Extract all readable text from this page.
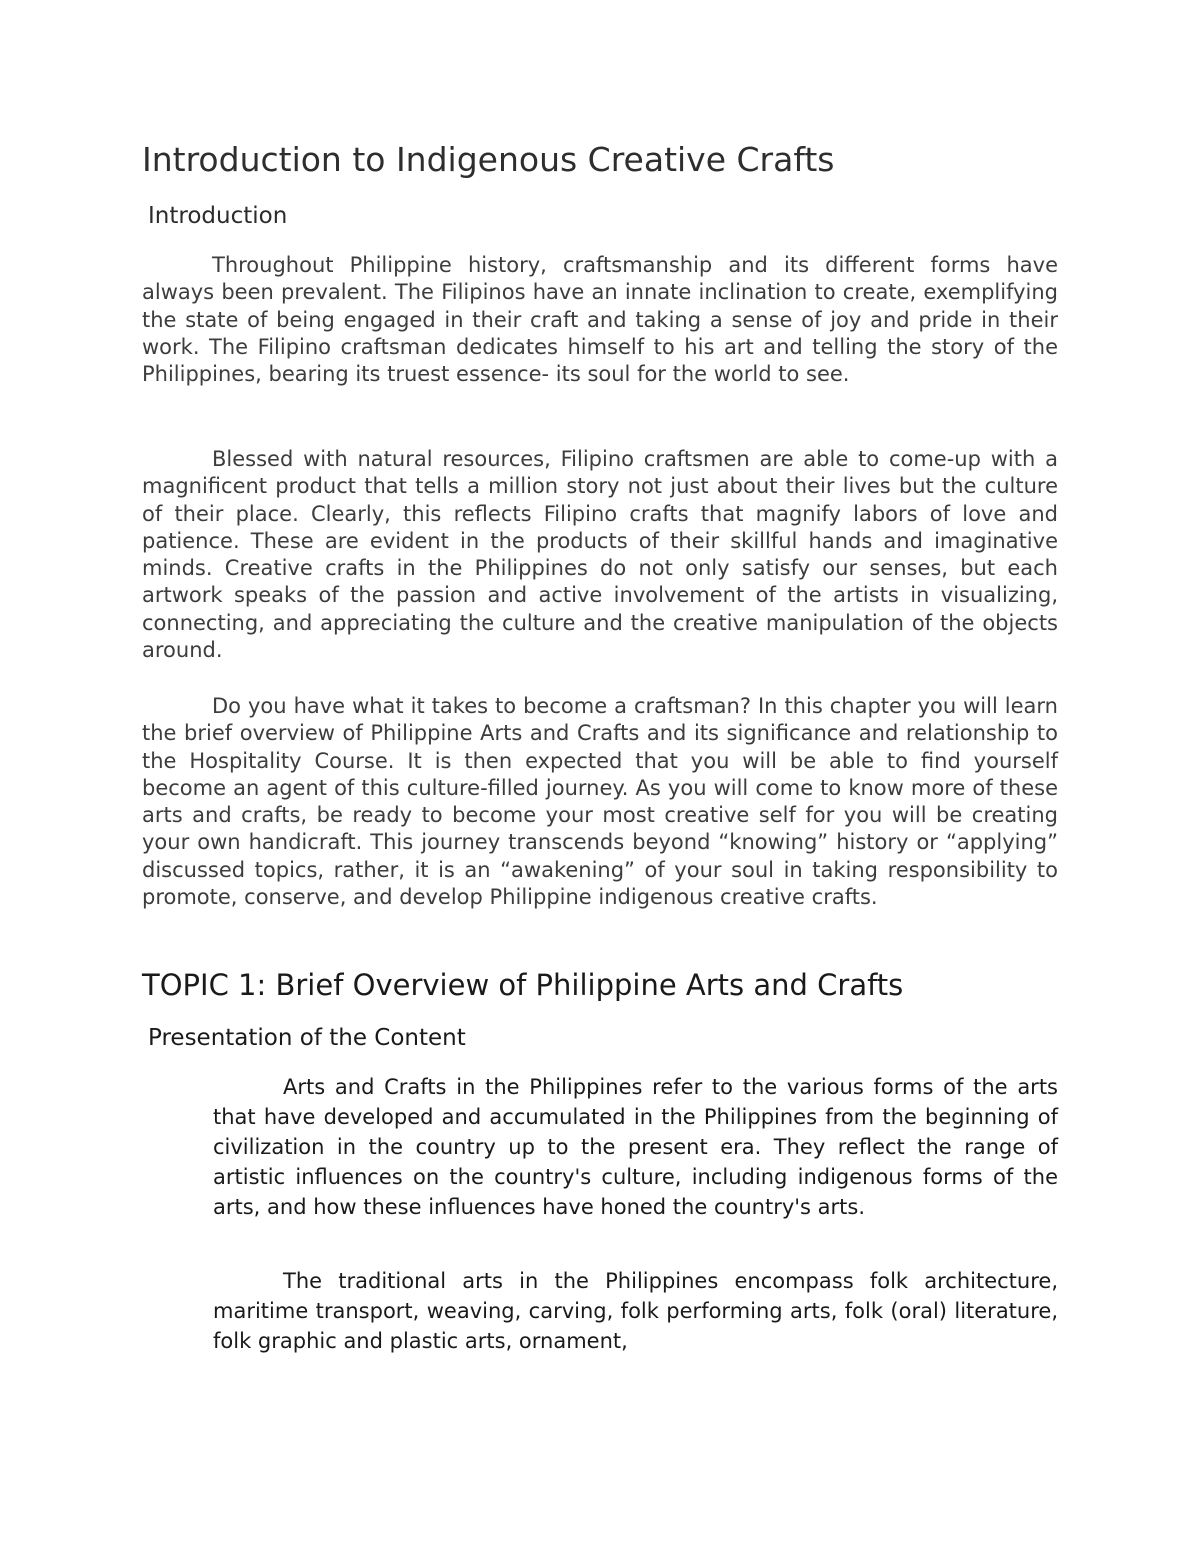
Introduction to Indigenous Creative Crafts
Introduction

Throughout Philippine history, craftsmanship and its different forms have always been prevalent. The Filipinos have an innate inclination to create, exemplifying the state of being engaged in their craft and taking a sense of joy and pride in their work. The Filipino craftsman dedicates himself to his art and telling the story of the Philippines, bearing its truest essence- its soul for the world to see.

Blessed with natural resources, Filipino craftsmen are able to come-up with a magnificent product that tells a million story not just about their lives but the culture of their place. Clearly, this reflects Filipino crafts that magnify labors of love and patience. These are evident in the products of their skillful hands and imaginative minds. Creative crafts in the Philippines do not only satisfy our senses, but each artwork speaks of the passion and active involvement of the artists in visualizing, connecting, and appreciating the culture and the creative manipulation of the objects around.

Do you have what it takes to become a craftsman? In this chapter you will learn the brief overview of Philippine Arts and Crafts and its significance and relationship to the Hospitality Course. It is then expected that you will be able to find yourself become an agent of this culture-filled journey. As you will come to know more of these arts and crafts, be ready to become your most creative self for you will be creating your own handicraft. This journey transcends beyond “knowing” history or “applying” discussed topics, rather, it is an “awakening” of your soul in taking responsibility to promote, conserve, and develop Philippine indigenous creative crafts.

TOPIC 1: Brief Overview of Philippine Arts and Crafts
Presentation of the Content

Arts and Crafts in the Philippines refer to the various forms of the arts that have developed and accumulated in the Philippines from the beginning of civilization in the country up to the present era. They reflect the range of artistic influences on the country's culture, including indigenous forms of the arts, and how these influences have honed the country's arts.

The traditional arts in the Philippines encompass folk architecture, maritime transport, weaving, carving, folk performing arts, folk (oral) literature, folk graphic and plastic arts, ornament,
